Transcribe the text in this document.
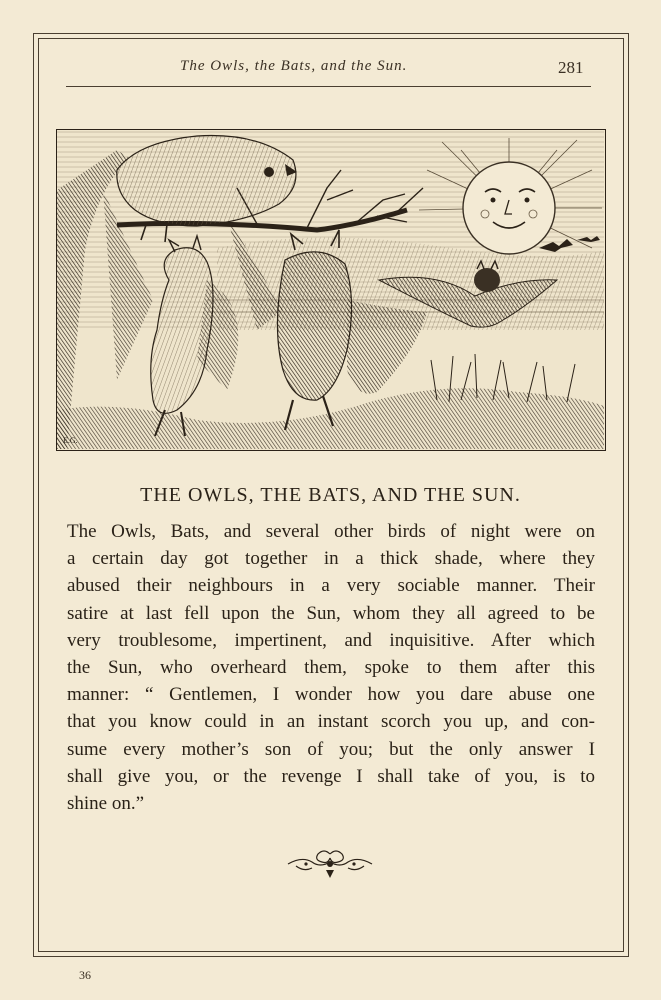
The Owls, the Bats, and the Sun.	281
E.G.
THE OWLS, THE BATS, AND THE SUN.
The Owls, Bats, and several other birds of night were on
a certain day got together in a thick shade, where they
abused their neighbours in a very sociable manner. Their
satire at last fell upon the Sun, whom they all agreed to be
very troublesome, impertinent, and inquisitive. After which
the Sun, who overheard them, spoke to them after this
manner: “ Gentlemen, I wonder how you dare abuse one
that you know could in an instant scorch you up, and con-
sume every mother’s son of you; but the only answer I
shall give you, or the revenge I shall take of you, is to
shine on.”
36
